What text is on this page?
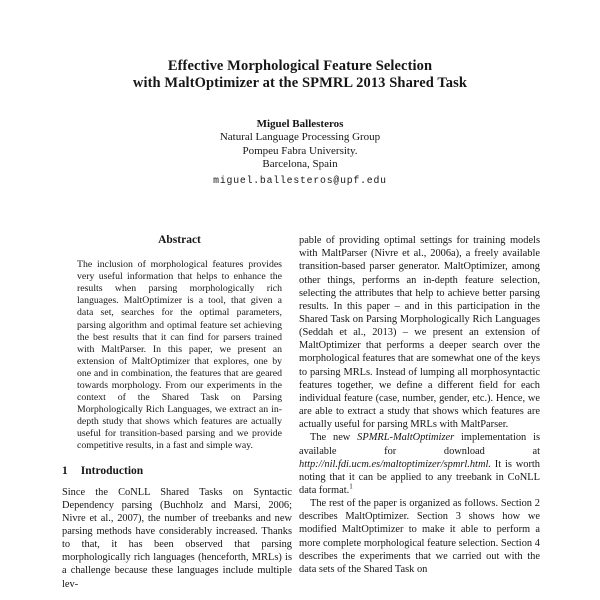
Effective Morphological Feature Selection
with MaltOptimizer at the SPMRL 2013 Shared Task
Miguel Ballesteros
Natural Language Processing Group
Pompeu Fabra University.
Barcelona, Spain
miguel.ballesteros@upf.edu
Abstract

The inclusion of morphological features provides very useful information that helps to enhance the results when parsing morphologically rich languages. MaltOptimizer is a tool, that given a data set, searches for the optimal parameters, parsing algorithm and optimal feature set achieving the best results that it can find for parsers trained with MaltParser. In this paper, we present an extension of MaltOptimizer that explores, one by one and in combination, the features that are geared towards morphology. From our experiments in the context of the Shared Task on Parsing Morphologically Rich Languages, we extract an in-depth study that shows which features are actually useful for transition-based parsing and we provide competitive results, in a fast and simple way.

1 Introduction

Since the CoNLL Shared Tasks on Syntactic Dependency parsing (Buchholz and Marsi, 2006; Nivre et al., 2007), the number of treebanks and new parsing methods have considerably increased. Thanks to that, it has been observed that parsing morphologically rich languages (henceforth, MRLs) is a challenge because these languages include multiple lev-

pable of providing optimal settings for training models with MaltParser (Nivre et al., 2006a), a freely available transition-based parser generator. MaltOptimizer, among other things, performs an in-depth feature selection, selecting the attributes that help to achieve better parsing results. In this paper – and in this participation in the Shared Task on Parsing Morphologically Rich Languages (Seddah et al., 2013) – we present an extension of MaltOptimizer that performs a deeper search over the morphological features that are somewhat one of the keys to parsing MRLs. Instead of lumping all morphosyntactic features together, we define a different field for each individual feature (case, number, gender, etc.). Hence, we are able to extract a study that shows which features are actually useful for parsing MRLs with MaltParser.

The new SPMRL-MaltOptimizer implementation is available for download at http://nil.fdi.ucm.es/maltoptimizer/spmrl.html. It is worth noting that it can be applied to any treebank in CoNLL data format.$^1$

The rest of the paper is organized as follows. Section 2 describes MaltOptimizer. Section 3 shows how we modified MaltOptimizer to make it able to perform a more complete morphological feature selection. Section 4 describes the experiments that we carried out with the data sets of the Shared Task on
